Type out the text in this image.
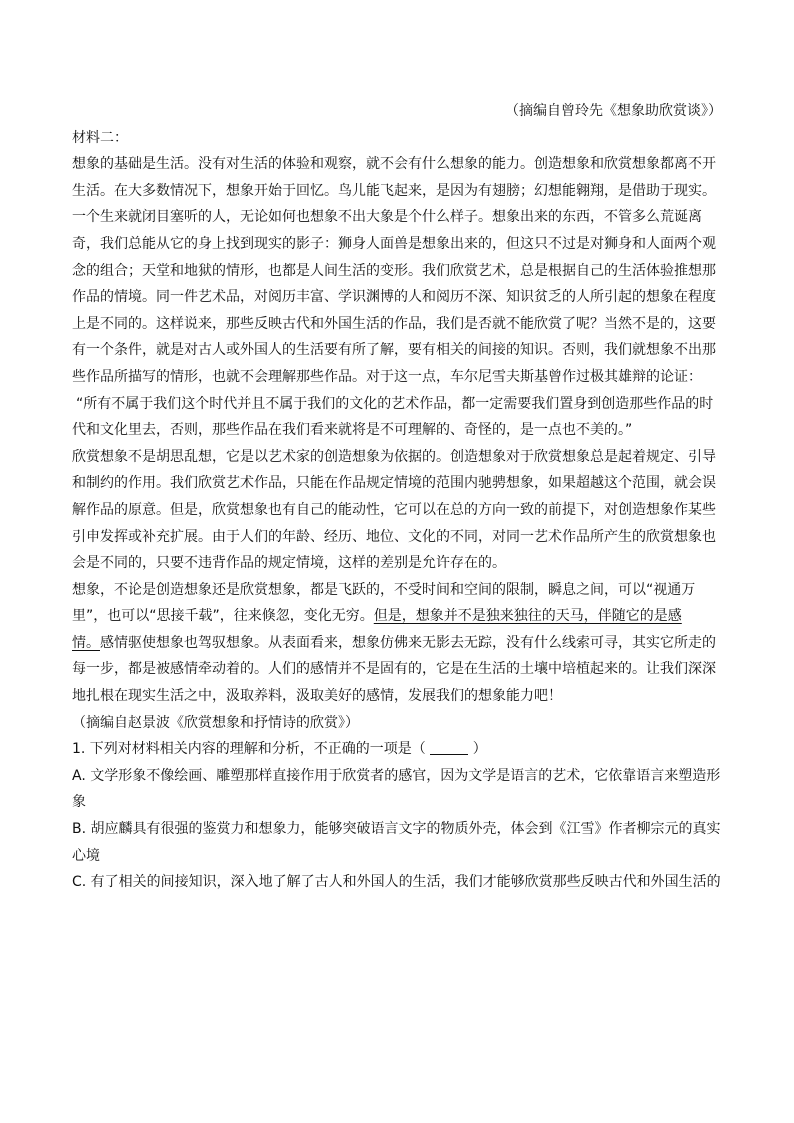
（摘编自曾玲先《想象助欣赏谈》）
材料二：
想象的基础是生活。没有对生活的体验和观察，就不会有什么想象的能力。创造想象和欣赏想象都离不开
生活。在大多数情况下，想象开始于回忆。鸟儿能飞起来，是因为有翅膀；幻想能翱翔，是借助于现实。
一个生来就闭目塞听的人，无论如何也想象不出大象是个什么样子。想象出来的东西，不管多么荒诞离
奇，我们总能从它的身上找到现实的影子：狮身人面兽是想象出来的，但这只不过是对狮身和人面两个观
念的组合；天堂和地狱的情形，也都是人间生活的变形。我们欣赏艺术，总是根据自己的生活体验推想那
作品的情境。同一件艺术品，对阅历丰富、学识渊博的人和阅历不深、知识贫乏的人所引起的想象在程度
上是不同的。这样说来，那些反映古代和外国生活的作品，我们是否就不能欣赏了呢？当然不是的，这要
有一个条件，就是对古人或外国人的生活要有所了解，要有相关的间接的知识。否则，我们就想象不出那
些作品所描写的情形，也就不会理解那些作品。对于这一点，车尔尼雪夫斯基曾作过极其雄辩的论证：
“所有不属于我们这个时代并且不属于我们的文化的艺术作品，都一定需要我们置身到创造那些作品的时
代和文化里去，否则，那些作品在我们看来就将是不可理解的、奇怪的，是一点也不美的。”
欣赏想象不是胡思乱想，它是以艺术家的创造想象为依据的。创造想象对于欣赏想象总是起着规定、引导
和制约的作用。我们欣赏艺术作品，只能在作品规定情境的范围内驰骋想象，如果超越这个范围，就会误
解作品的原意。但是，欣赏想象也有自己的能动性，它可以在总的方向一致的前提下，对创造想象作某些
引申发挥或补充扩展。由于人们的年龄、经历、地位、文化的不同，对同一艺术作品所产生的欣赏想象也
会是不同的，只要不违背作品的规定情境，这样的差别是允许存在的。
想象，不论是创造想象还是欣赏想象，都是飞跃的，不受时间和空间的限制，瞬息之间，可以“视通万
里”，也可以“思接千载”，往来倏忽，变化无穷。但是，想象并不是独来独往的天马，伴随它的是感
情。感情驱使想象也驾驭想象。从表面看来，想象仿佛来无影去无踪，没有什么线索可寻，其实它所走的
每一步，都是被感情牵动着的。人们的感情并不是固有的，它是在生活的土壤中培植起来的。让我们深深
地扎根在现实生活之中，汲取养料，汲取美好的感情，发展我们的想象能力吧！
（摘编自赵景波《欣赏想象和抒情诗的欣赏》）
1. 下列对材料相关内容的理解和分析，不正确的一项是（	）
A. 文学形象不像绘画、雕塑那样直接作用于欣赏者的感官，因为文学是语言的艺术，它依靠语言来塑造形
象
B. 胡应麟具有很强的鉴赏力和想象力，能够突破语言文字的物质外壳，体会到《江雪》作者柳宗元的真实
心境
C. 有了相关的间接知识，深入地了解了古人和外国人的生活，我们才能够欣赏那些反映古代和外国生活的
